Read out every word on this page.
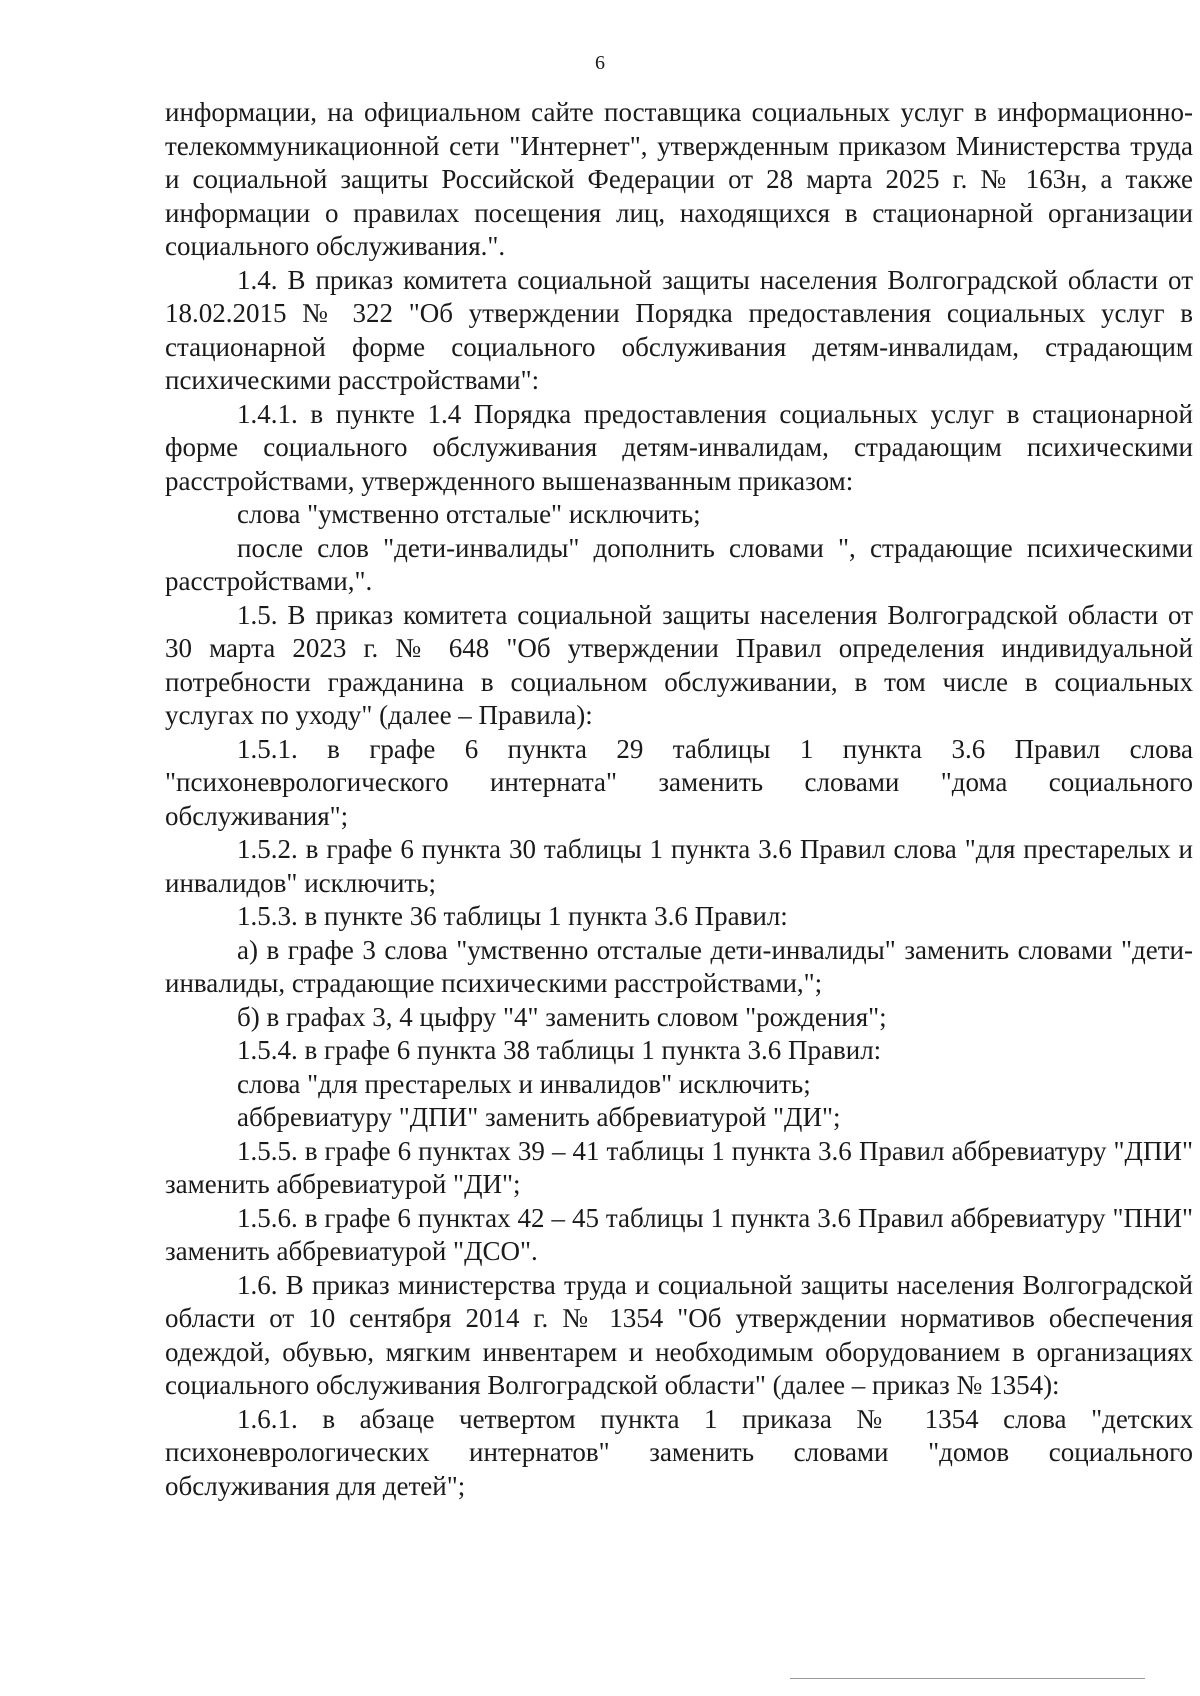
6

информации, на официальном сайте поставщика социальных услуг в информационно-телекоммуникационной сети "Интернет", утвержденным приказом Министерства труда и социальной защиты Российской Федерации от 28 марта 2025 г. № 163н, а также информации о правилах посещения лиц, находящихся в стационарной организации социального обслуживания.".

1.4. В приказ комитета социальной защиты населения Волгоградской области от 18.02.2015 № 322 "Об утверждении Порядка предоставления социальных услуг в стационарной форме социального обслуживания детям-инвалидам, страдающим психическими расстройствами":

1.4.1. в пункте 1.4 Порядка предоставления социальных услуг в стационарной форме социального обслуживания детям-инвалидам, страдающим психическими расстройствами, утвержденного вышеназванным приказом:

слова "умственно отсталые" исключить;

после слов "дети-инвалиды" дополнить словами ", страдающие психическими расстройствами,".

1.5. В приказ комитета социальной защиты населения Волгоградской области от 30 марта 2023 г. № 648 "Об утверждении Правил определения индивидуальной потребности гражданина в социальном обслуживании, в том числе в социальных услугах по уходу" (далее – Правила):

1.5.1. в графе 6 пункта 29 таблицы 1 пункта 3.6 Правил слова "психоневрологического интерната" заменить словами "дома социального обслуживания";

1.5.2. в графе 6 пункта 30 таблицы 1 пункта 3.6 Правил слова "для престарелых и инвалидов" исключить;

1.5.3. в пункте 36 таблицы 1 пункта 3.6 Правил:

а) в графе 3 слова "умственно отсталые дети-инвалиды" заменить словами "дети-инвалиды, страдающие психическими расстройствами,";

б) в графах 3, 4 цыфру "4" заменить словом "рождения";

1.5.4. в графе 6 пункта 38 таблицы 1 пункта 3.6 Правил:

слова "для престарелых и инвалидов" исключить;

аббревиатуру "ДПИ" заменить аббревиатурой "ДИ";

1.5.5. в графе 6 пунктах 39 – 41 таблицы 1 пункта 3.6 Правил аббревиатуру "ДПИ" заменить аббревиатурой "ДИ";

1.5.6. в графе 6 пунктах 42 – 45 таблицы 1 пункта 3.6 Правил аббревиатуру "ПНИ" заменить аббревиатурой "ДСО".

1.6. В приказ министерства труда и социальной защиты населения Волгоградской области от 10 сентября 2014 г. № 1354 "Об утверждении нормативов обеспечения одеждой, обувью, мягким инвентарем и необходимым оборудованием в организациях социального обслуживания Волгоградской области" (далее – приказ № 1354):

1.6.1. в абзаце четвертом пункта 1 приказа № 1354 слова "детских психоневрологических интернатов" заменить словами "домов социального обслуживания для детей";
